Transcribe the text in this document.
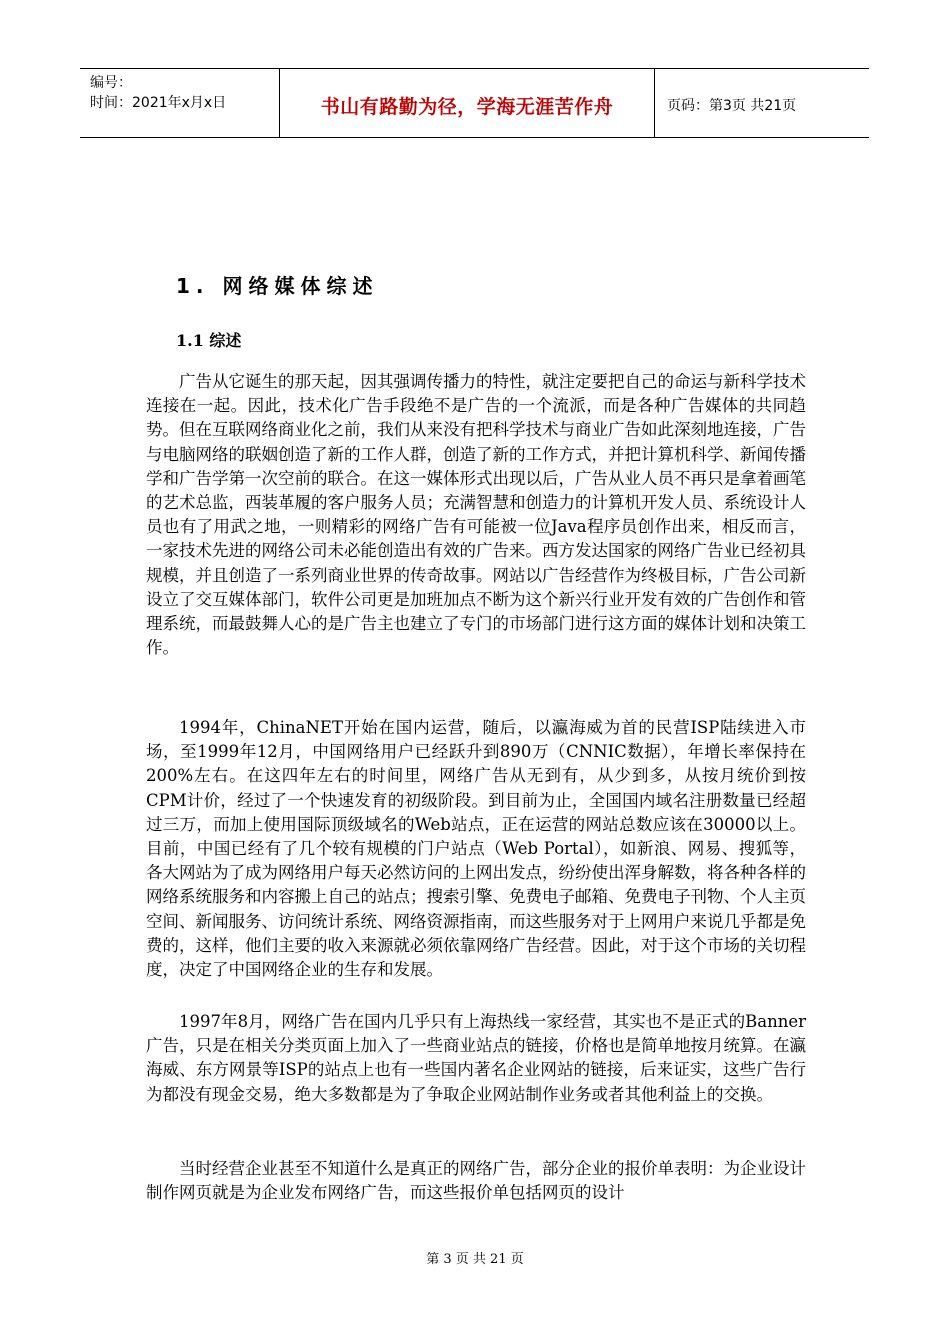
编号：
时间：2021年x月x日	书山有路勤为径，学海无涯苦作舟	页码：第3页 共21页
1. 网络媒体综述
1.1 综述

广告从它诞生的那天起，因其强调传播力的特性，就注定要把自己的命运与新科学技术连接在一起。因此，技术化广告手段绝不是广告的一个流派，而是各种广告媒体的共同趋势。但在互联网络商业化之前，我们从来没有把科学技术与商业广告如此深刻地连接，广告与电脑网络的联姻创造了新的工作人群，创造了新的工作方式，并把计算机科学、新闻传播学和广告学第一次空前的联合。在这一媒体形式出现以后，广告从业人员不再只是拿着画笔的艺术总监，西装革履的客户服务人员；充满智慧和创造力的计算机开发人员、系统设计人员也有了用武之地，一则精彩的网络广告有可能被一位Java程序员创作出来，相反而言，一家技术先进的网络公司未必能创造出有效的广告来。西方发达国家的网络广告业已经初具规模，并且创造了一系列商业世界的传奇故事。网站以广告经营作为终极目标，广告公司新设立了交互媒体部门，软件公司更是加班加点不断为这个新兴行业开发有效的广告创作和管理系统，而最鼓舞人心的是广告主也建立了专门的市场部门进行这方面的媒体计划和决策工作。

1994年，ChinaNET开始在国内运营，随后，以瀛海威为首的民营ISP陆续进入市场，至1999年12月，中国网络用户已经跃升到890万（CNNIC数据），年增长率保持在200%左右。在这四年左右的时间里，网络广告从无到有，从少到多，从按月统价到按CPM计价，经过了一个快速发育的初级阶段。到目前为止，全国国内域名注册数量已经超过三万，而加上使用国际顶级域名的Web站点，正在运营的网站总数应该在30000以上。目前，中国已经有了几个较有规模的门户站点（Web Portal），如新浪、网易、搜狐等，各大网站为了成为网络用户每天必然访问的上网出发点，纷纷使出浑身解数，将各种各样的网络系统服务和内容搬上自己的站点；搜索引擎、免费电子邮箱、免费电子刊物、个人主页空间、新闻服务、访问统计系统、网络资源指南，而这些服务对于上网用户来说几乎都是免费的，这样，他们主要的收入来源就必须依靠网络广告经营。因此，对于这个市场的关切程度，决定了中国网络企业的生存和发展。

1997年8月，网络广告在国内几乎只有上海热线一家经营，其实也不是正式的Banner广告，只是在相关分类页面上加入了一些商业站点的链接，价格也是简单地按月统算。在瀛海威、东方网景等ISP的站点上也有一些国内著名企业网站的链接，后来证实，这些广告行为都没有现金交易，绝大多数都是为了争取企业网站制作业务或者其他利益上的交换。

当时经营企业甚至不知道什么是真正的网络广告，部分企业的报价单表明：为企业设计制作网页就是为企业发布网络广告，而这些报价单包括网页的设计

第 3 页 共 21 页
